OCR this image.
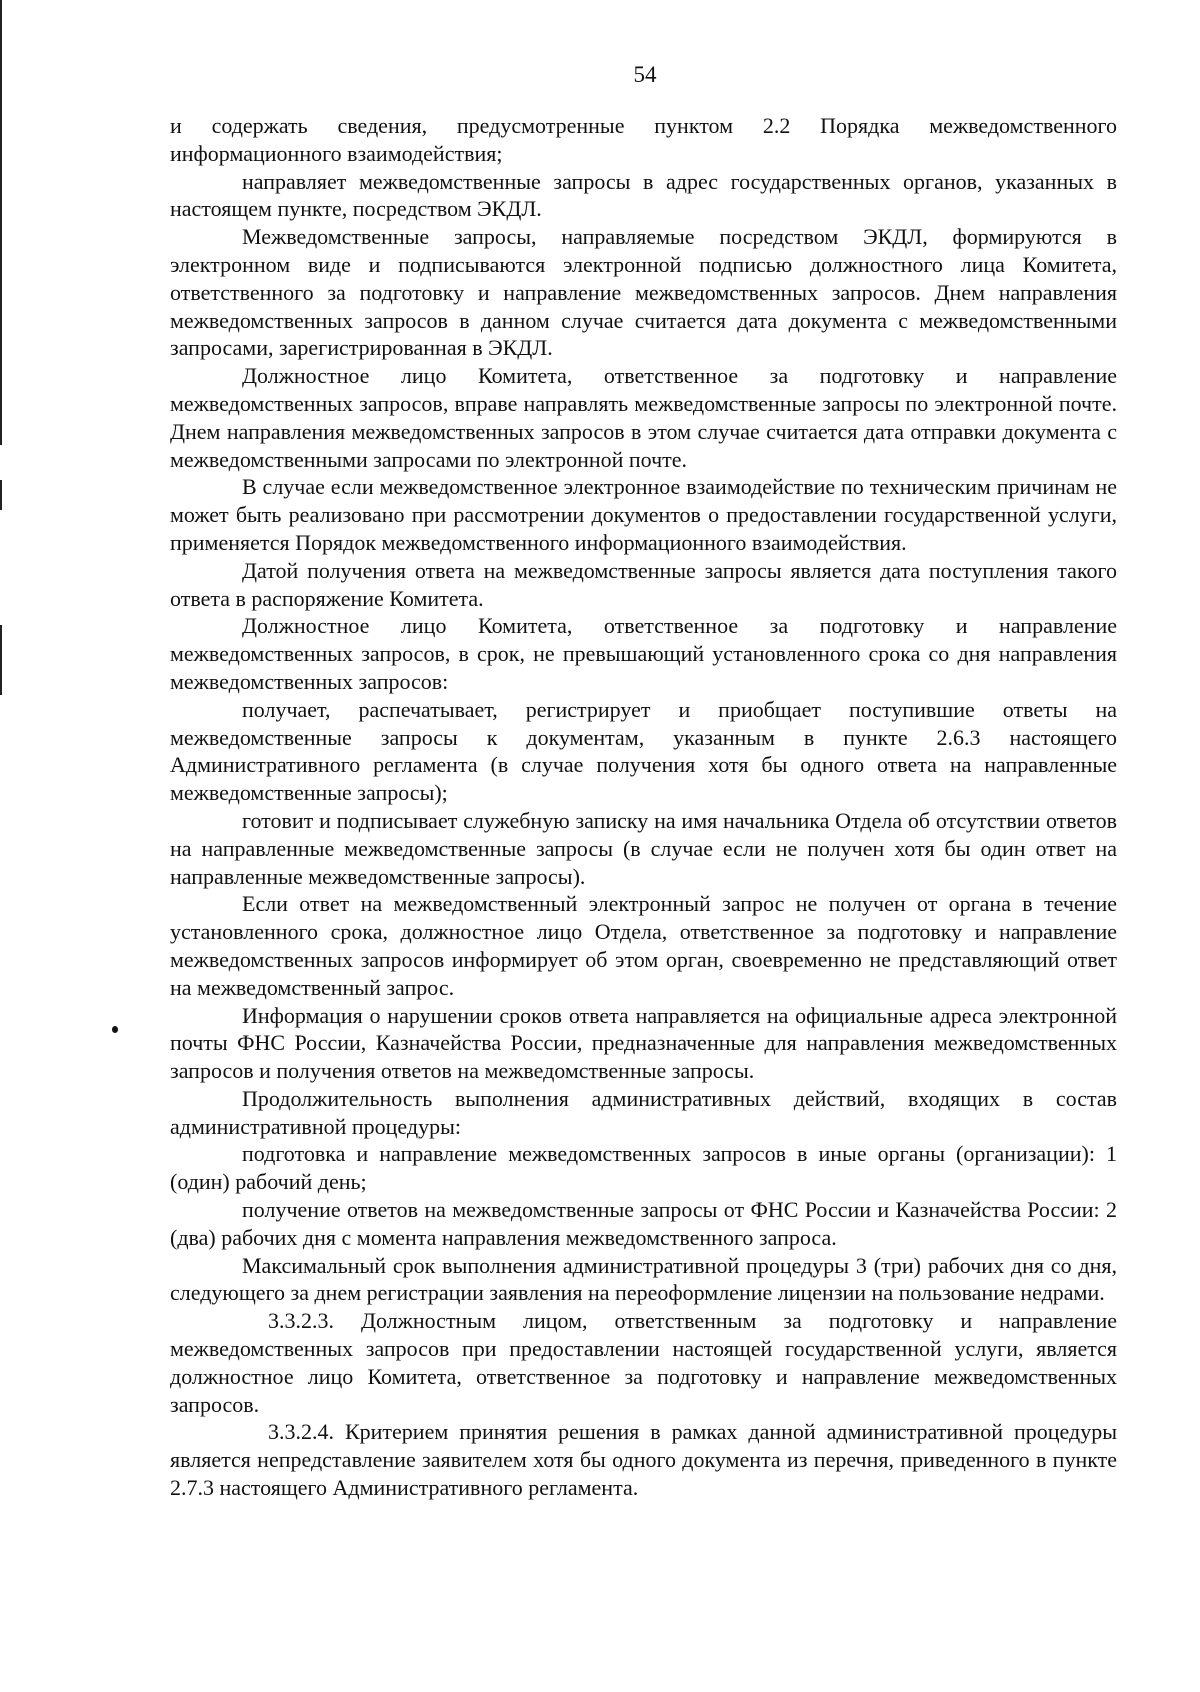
54

и содержать сведения, предусмотренные пунктом 2.2 Порядка межведомственного информационного взаимодействия;

направляет межведомственные запросы в адрес государственных органов, указанных в настоящем пункте, посредством ЭКДЛ.

Межведомственные запросы, направляемые посредством ЭКДЛ, формируются в электронном виде и подписываются электронной подписью должностного лица Комитета, ответственного за подготовку и направление межведомственных запросов. Днем направления межведомственных запросов в данном случае считается дата документа с межведомственными запросами, зарегистрированная в ЭКДЛ.

Должностное лицо Комитета, ответственное за подготовку и направление межведомственных запросов, вправе направлять межведомственные запросы по электронной почте. Днем направления межведомственных запросов в этом случае считается дата отправки документа с межведомственными запросами по электронной почте.

В случае если межведомственное электронное взаимодействие по техническим причинам не может быть реализовано при рассмотрении документов о предоставлении государственной услуги, применяется Порядок межведомственного информационного взаимодействия.

Датой получения ответа на межведомственные запросы является дата поступления такого ответа в распоряжение Комитета.

Должностное лицо Комитета, ответственное за подготовку и направление межведомственных запросов, в срок, не превышающий установленного срока со дня направления межведомственных запросов:

получает, распечатывает, регистрирует и приобщает поступившие ответы на межведомственные запросы к документам, указанным в пункте 2.6.3 настоящего Административного регламента (в случае получения хотя бы одного ответа на направленные межведомственные запросы);

готовит и подписывает служебную записку на имя начальника Отдела об отсутствии ответов на направленные межведомственные запросы (в случае если не получен хотя бы один ответ на направленные межведомственные запросы).

Если ответ на межведомственный электронный запрос не получен от органа в течение установленного срока, должностное лицо Отдела, ответственное за подготовку и направление межведомственных запросов информирует об этом орган, своевременно не представляющий ответ на межведомственный запрос.

Информация о нарушении сроков ответа направляется на официальные адреса электронной почты ФНС России, Казначейства России, предназначенные для направления межведомственных запросов и получения ответов на межведомственные запросы.

Продолжительность выполнения административных действий, входящих в состав административной процедуры:

подготовка и направление межведомственных запросов в иные органы (организации): 1 (один) рабочий день;

получение ответов на межведомственные запросы от ФНС России и Казначейства России: 2 (два) рабочих дня с момента направления межведомственного запроса.

Максимальный срок выполнения административной процедуры 3 (три) рабочих дня со дня, следующего за днем регистрации заявления на переоформление лицензии на пользование недрами.

3.3.2.3. Должностным лицом, ответственным за подготовку и направление межведомственных запросов при предоставлении настоящей государственной услуги, является должностное лицо Комитета, ответственное за подготовку и направление межведомственных запросов.

3.3.2.4. Критерием принятия решения в рамках данной административной процедуры является непредставление заявителем хотя бы одного документа из перечня, приведенного в пункте 2.7.3 настоящего Административного регламента.
